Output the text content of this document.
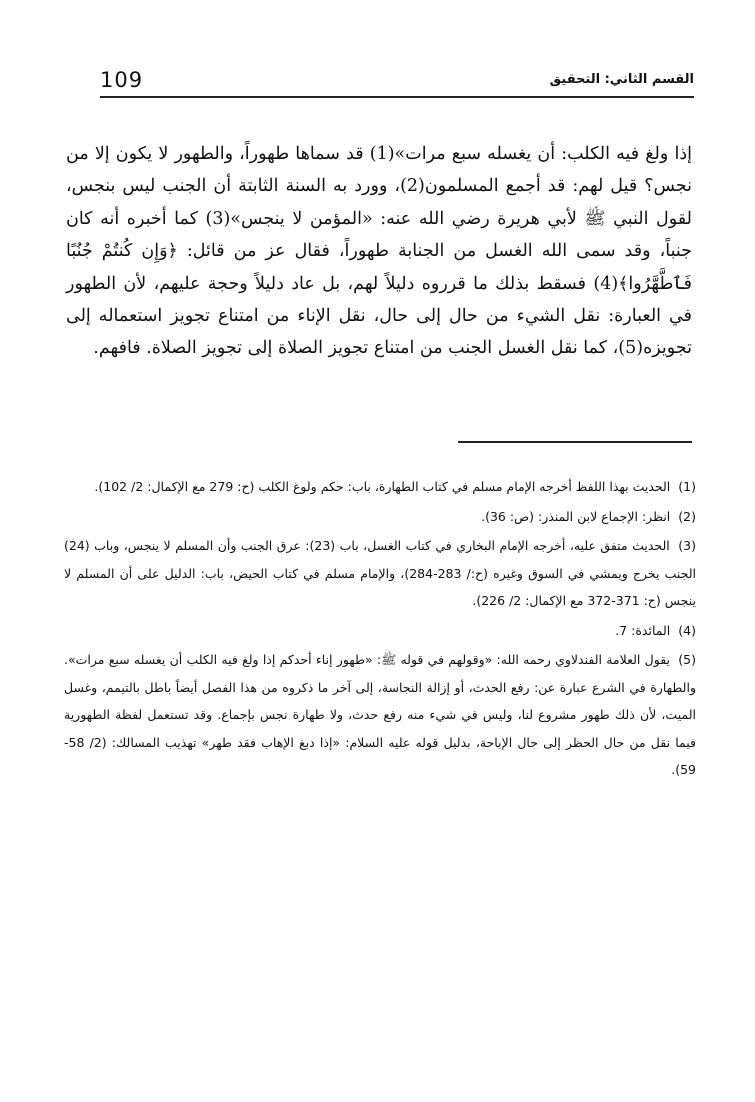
109	القسم الثاني: التحقيق

إذا ولغ فيه الكلب: أن يغسله سبع مرات»(1) قد سماها طهوراً، والطهور لا يكون إلا من نجس؟ قيل لهم: قد أجمع المسلمون(2)، وورد به السنة الثابتة أن الجنب ليس بنجس، لقول النبي ﷺ لأبي هريرة رضي الله عنه: «المؤمن لا ينجس»(3) كما أخبره أنه كان جنباً، وقد سمى الله الغسل من الجنابة طهوراً، فقال عز من قائل: ﴿وَإِن كُنتُمْ جُنُبًا فَٱطَّهَّرُوا﴾(4) فسقط بذلك ما قرروه دليلاً لهم، بل عاد دليلاً وحجة عليهم، لأن الطهور في العبارة: نقل الشيء من حال إلى حال، نقل الإناء من امتناع تجويز استعماله إلى تجويزه(5)، كما نقل الغسل الجنب من امتناع تجويز الصلاة إلى تجويز الصلاة. فافهم.

(1) الحديث بهذا اللفظ أخرجه الإمام مسلم في كتاب الطهارة، باب: حكم ولوغ الكلب (ح: 279 مع الإكمال: 2/ 102).
(2) انظر: الإجماع لابن المنذر: (ص: 36).
(3) الحديث متفق عليه، أخرجه الإمام البخاري في كتاب الغسل، باب (23): عرق الجنب وأن المسلم لا ينجس، وباب (24) الجنب يخرج ويمشي في السوق وغيره (ح:/ 283-284)، والإمام مسلم في كتاب الحيض، باب: الدليل على أن المسلم لا ينجس (ح: 371-372 مع الإكمال: 2/ 226).
(4) المائدة: 7.
(5) يقول العلامة الفندلاوي رحمه الله: «وقولهم في قوله ﷺ: «طهور إناء أحدكم إذا ولغ فيه الكلب أن يغسله سبع مرات». والطهارة في الشرع عبارة عن: رفع الحدث، أو إزالة النجاسة، إلى آخر ما ذكروه من هذا الفصل أيضاً باطل بالتيمم، وغسل الميت، لأن ذلك طهور مشروع لنا، وليس في شيء منه رفع حدث، ولا طهارة نجس بإجماع. وقد تستعمل لفظة الطهورية فيما نقل من حال الحظر إلى حال الإباحة، بدليل قوله عليه السلام: «إذا دبغ الإهاب فقد طهر» تهذيب المسالك: (2/ 58-59).
